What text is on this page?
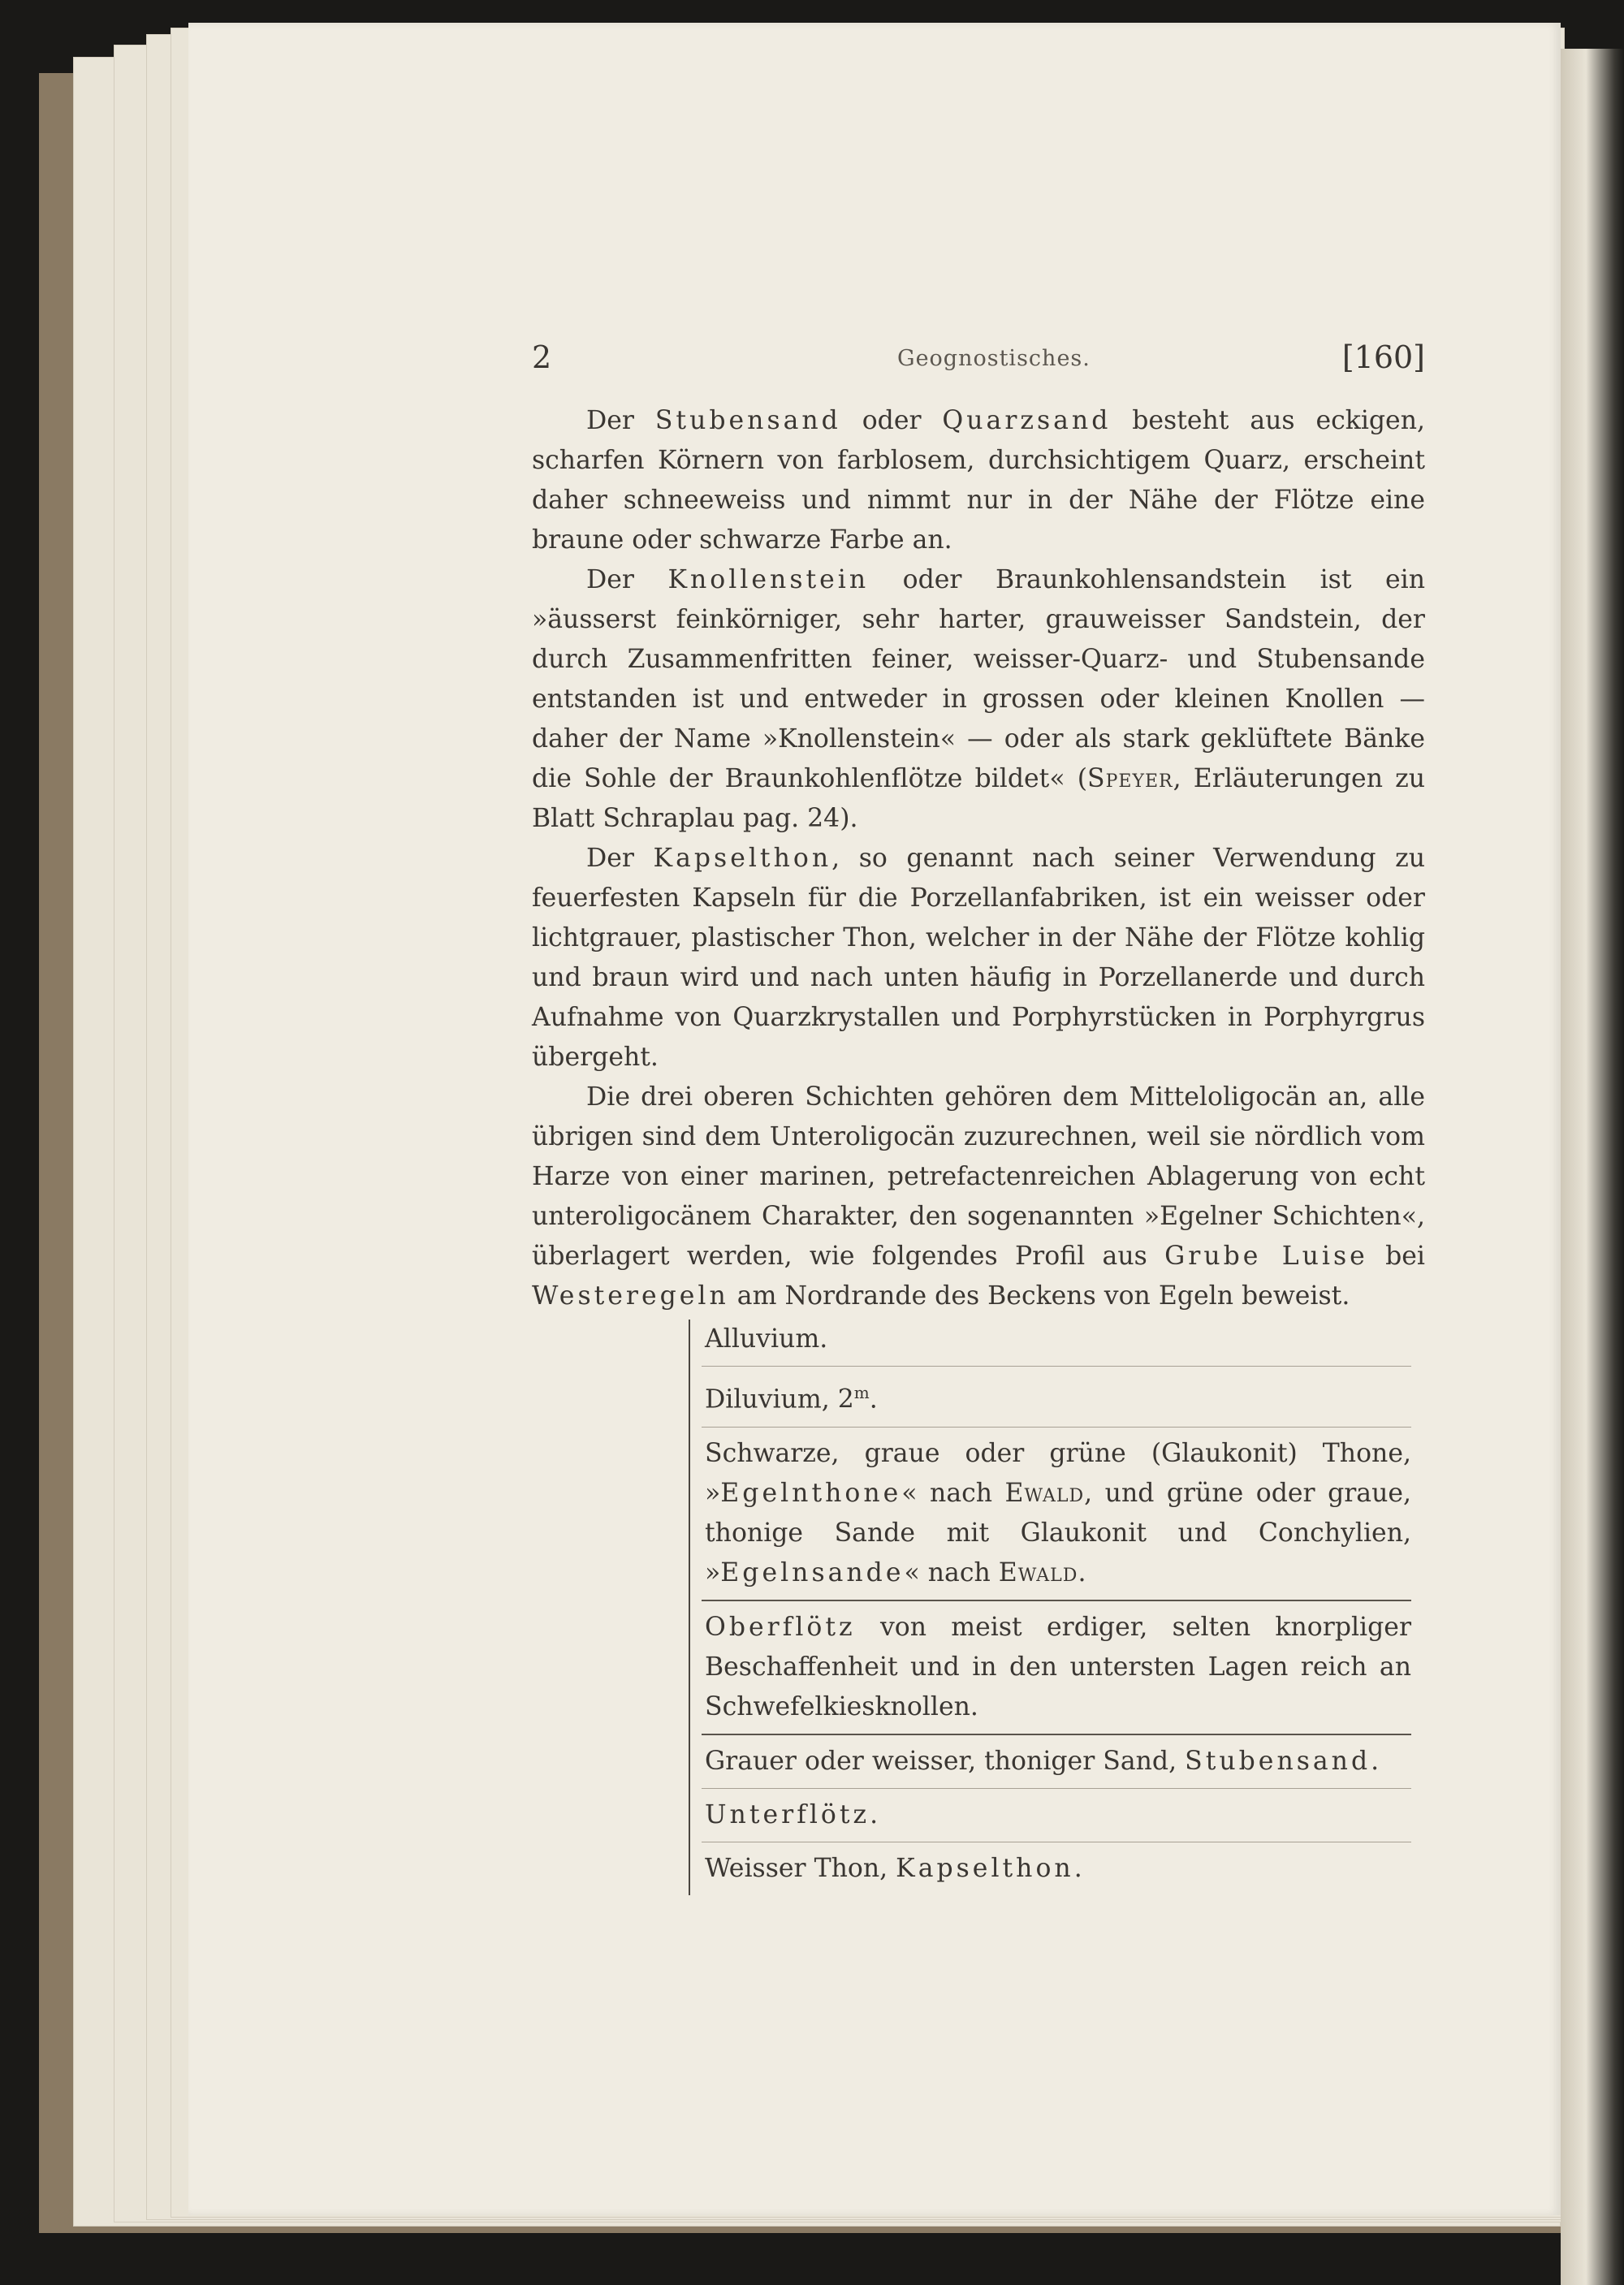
2	Geognostisches.	[160]

Der Stubensand oder Quarzsand besteht aus eckigen, scharfen Körnern von farblosem, durchsichtigem Quarz, erscheint daher schneeweiss und nimmt nur in der Nähe der Flötze eine braune oder schwarze Farbe an.

Der Knollenstein oder Braunkohlensandstein ist ein »äusserst feinkörniger, sehr harter, grauweisser Sandstein, der durch Zusammenfritten feiner, weisser-Quarz- und Stubensande entstanden ist und entweder in grossen oder kleinen Knollen — daher der Name »Knollenstein« — oder als stark geklüftete Bänke die Sohle der Braunkohlenflötze bildet« (Speyer, Erläuterungen zu Blatt Schraplau pag. 24).

Der Kapselthon, so genannt nach seiner Verwendung zu feuerfesten Kapseln für die Porzellanfabriken, ist ein weisser oder lichtgrauer, plastischer Thon, welcher in der Nähe der Flötze kohlig und braun wird und nach unten häufig in Porzellanerde und durch Aufnahme von Quarzkrystallen und Porphyrstücken in Porphyrgrus übergeht.

Die drei oberen Schichten gehören dem Mitteloligocän an, alle übrigen sind dem Unteroligocän zuzurechnen, weil sie nördlich vom Harze von einer marinen, petrefactenreichen Ablagerung von echt unteroligocänem Charakter, den sogenannten »Egelner Schichten«, überlagert werden, wie folgendes Profil aus Grube Luise bei Westeregeln am Nordrande des Beckens von Egeln beweist.

Alluvium.
Diluvium, 2$^m$.
Schwarze, graue oder grüne (Glaukonit) Thone, »Egelnthone« nach Ewald, und grüne oder graue, thonige Sande mit Glaukonit und Conchylien, »Egelnsande« nach Ewald.
Oberflötz von meist erdiger, selten knorpliger Beschaffenheit und in den untersten Lagen reich an Schwefelkiesknollen.
Grauer oder weisser, thoniger Sand, Stubensand.
Unterflötz.
Weisser Thon, Kapselthon.
